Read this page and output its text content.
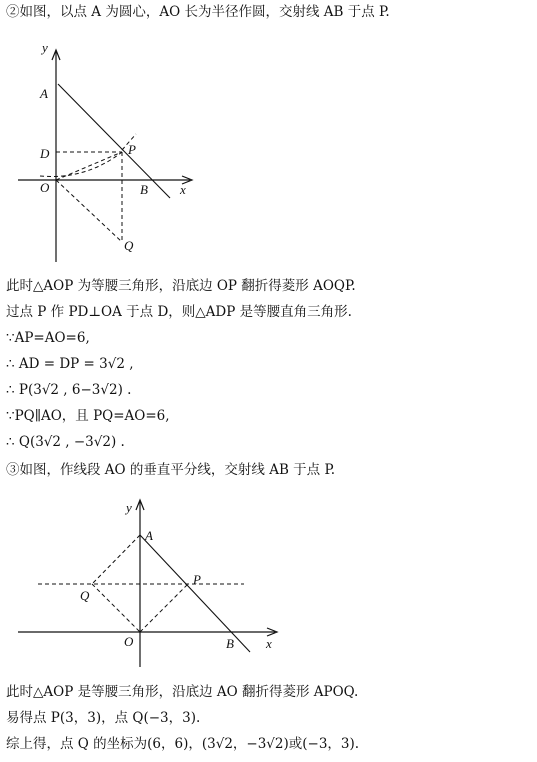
②如图，以点 A 为圆心，AO 长为半径作圆，交射线 AB 于点 P.
y
A
D	P
O	B x
Q
此时△AOP 为等腰三角形，沿底边 OP 翻折得菱形 AOQP.
过点 P 作 PD⊥OA 于点 D，则△ADP 是等腰直角三角形.
∵AP=AO=6,
∴ AD = DP = 3√2 ,
∴ P(3√2 , 6−3√2) .
∵PQ∥AO，且 PQ=AO=6,
∴ Q(3√2 , −3√2) .
③如图，作线段 AO 的垂直平分线，交射线 AB 于点 P.
y
A
P
Q
O	B x
此时△AOP 是等腰三角形，沿底边 AO 翻折得菱形 APOQ.
易得点 P(3，3)，点 Q(−3，3).
综上得，点 Q 的坐标为(6，6)，(3√2，−3√2)或(−3，3).
